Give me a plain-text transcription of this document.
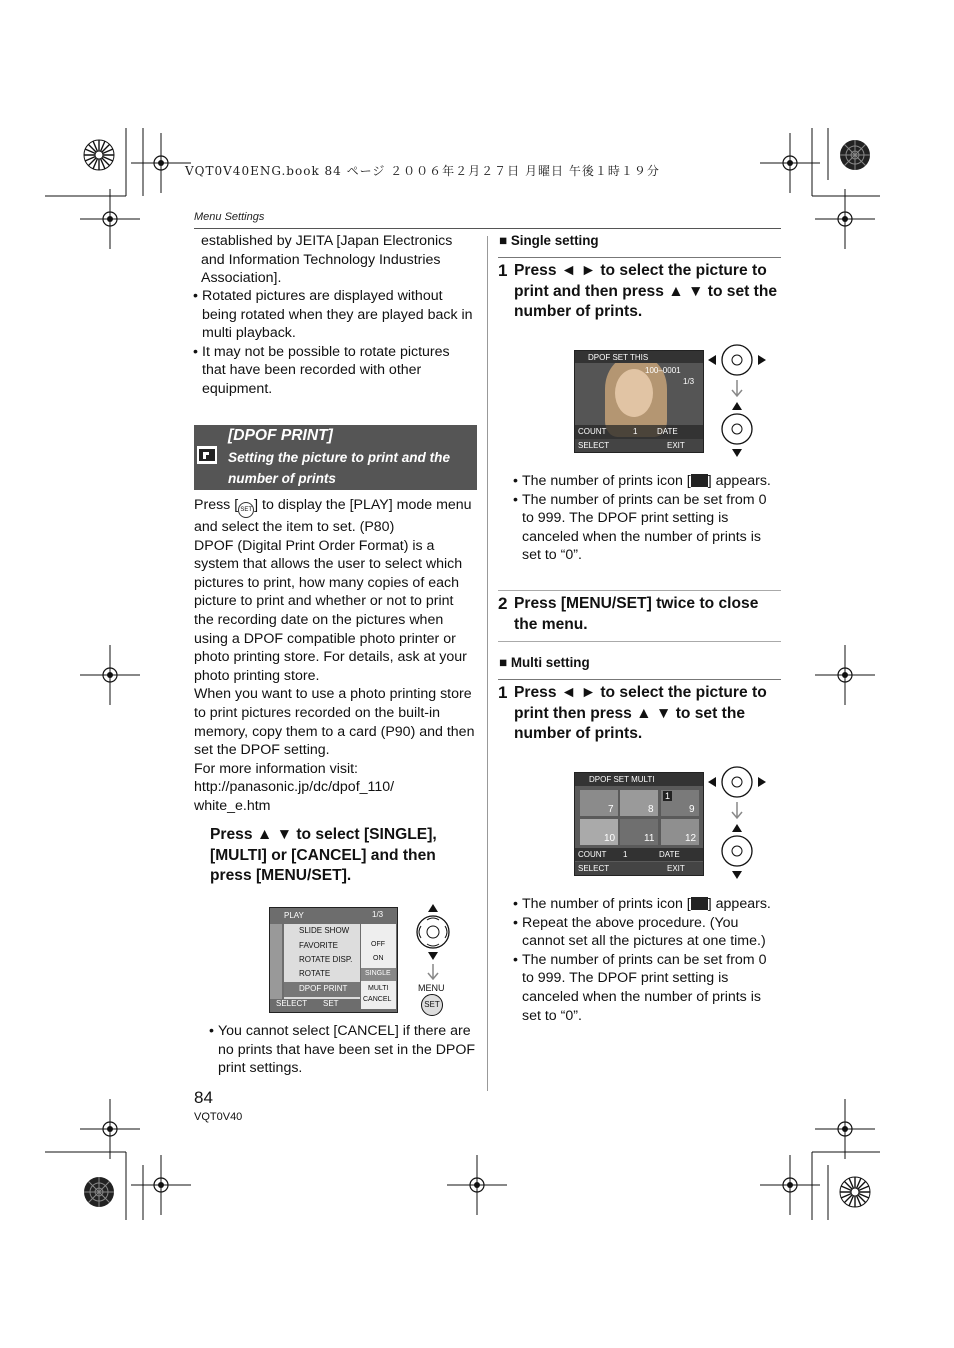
VQT0V40ENG.book 84 ページ ２００６年２月２７日 月曜日 午後１時１９分
Menu Settings
established by JEITA [Japan Electronics and Information Technology Industries Association].
• Rotated pictures are displayed without being rotated when they are played back in multi playback.
• It may not be possible to rotate pictures that have been recorded with other equipment.
[DPOF PRINT]
Setting the picture to print and the number of prints
Press [ SET ] to display the [PLAY] mode menu and select the item to set. (P80)
DPOF (Digital Print Order Format) is a system that allows the user to select which pictures to print, how many copies of each picture to print and whether or not to print the recording date on the pictures when using a DPOF compatible photo printer or photo printing store. For details, ask at your photo printing store.
When you want to use a photo printing store to print pictures recorded on the built-in memory, copy them to a card (P90) and then set the DPOF setting.
For more information visit:
http://panasonic.jp/dc/dpof_110/
white_e.htm
Press ▲ ▼ to select [SINGLE], [MULTI] or [CANCEL] and then press [MENU/SET].
PLAY	1/3
SLIDE SHOW
FAVORITE
ROTATE DISP.
ROTATE
DPOF PRINT
OFF
ON
SINGLE
MULTI
CANCEL
SELECT SET
MENU
SET
• You cannot select [CANCEL] if there are no prints that have been set in the DPOF print settings.
■ Single setting
1 Press ◄ ► to select the picture to print and then press ▲ ▼ to set the number of prints.
DPOF SET THIS
100–0001
1/3
COUNT	1 DATE
SELECT	EXIT
• The number of prints icon [ ] appears.
• The number of prints can be set from 0 to 999. The DPOF print setting is canceled when the number of prints is set to “0”.
2 Press [MENU/SET] twice to close the menu.
■ Multi setting
1 Press ◄ ► to select the picture to print then press ▲ ▼ to set the number of prints.
DPOF SET MULTI
7	8	9
10	11	12
1
COUNT 1	DATE
SELECT	EXIT
• The number of prints icon [ ] appears.
• Repeat the above procedure. (You cannot set all the pictures at one time.)
• The number of prints can be set from 0 to 999. The DPOF print setting is canceled when the number of prints is set to “0”.
84
VQT0V40
